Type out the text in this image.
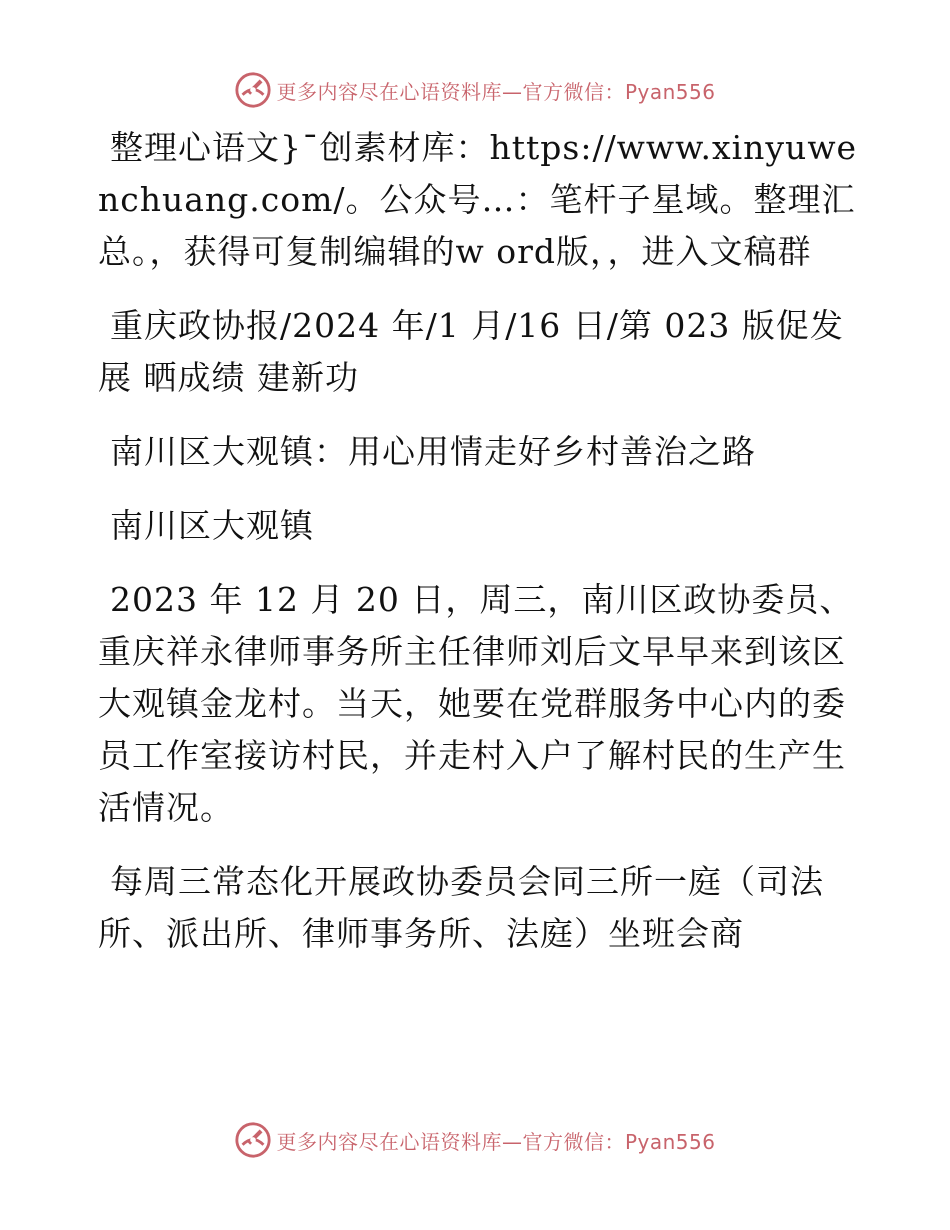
更多内容尽在心语资料库—官方微信：Pyan556

整理心语文}¯创素材库：https://www.xinyuwenchuang.com/。公众号…：笔杆子星域。整理汇总。，获得可复制编辑的w ord版，，进入文稿群

重庆政协报/2024 年/1 月/16 日/第 023 版促发展 晒成绩 建新功

南川区大观镇：用心用情走好乡村善治之路

南川区大观镇

2023 年 12 月 20 日，周三，南川区政协委员、重庆祥永律师事务所主任律师刘后文早早来到该区大观镇金龙村。当天，她要在党群服务中心内的委员工作室接访村民，并走村入户了解村民的生产生活情况。

每周三常态化开展政协委员会同三所一庭（司法所、派出所、律师事务所、法庭）坐班会商

更多内容尽在心语资料库—官方微信：Pyan556
